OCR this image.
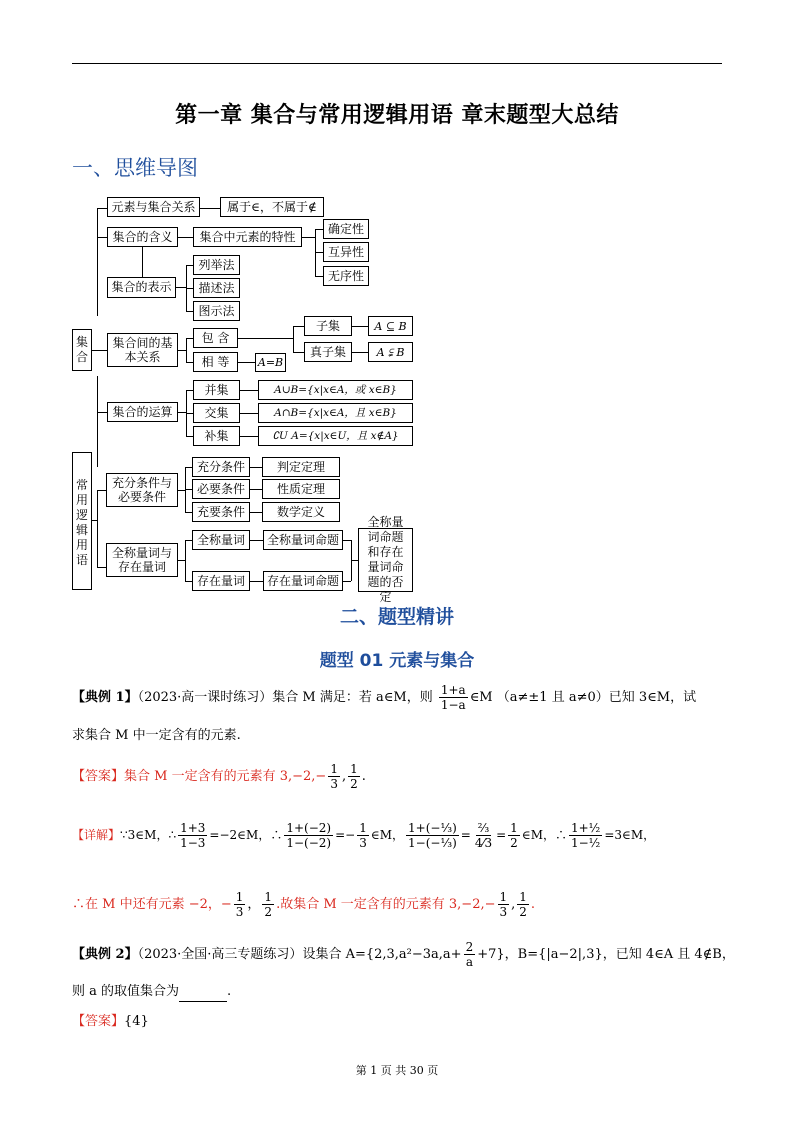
第一章 集合与常用逻辑用语 章末题型大总结
一、思维导图
集合
常用逻辑用语
元素与集合关系	属于∈，不属于∉
集合的含义	集合中元素的特性
确定性
互异性
无序性
集合的表示
列举法
描述法
图示法
集合间的基本关系
包 含
相 等	A=B
子集
真子集
A ⊆ B
A ⫋ B
集合的运算
并集
交集
补集
A∪B={x|x∈A，或 x∈B}
A∩B={x|x∈A，且 x∈B}
∁U A={x|x∈U，且 x∉A}
充分条件与必要条件
充分条件
必要条件
充要条件
判定定理
性质定理
数学定义
全称量词与存在量词
全称量词
存在量词
全称量词命题
存在量词命题
全称量词命题和存在量词命题的否定
二、题型精讲
题型 01 元素与集合
【典例 1】（2023·高一课时练习）集合 M 满足：若 a∈M，则 $\frac{1+a}{1-a}$ ∈M （a≠±1 且 a≠0）已知 3∈M，试
求集合 M 中一定含有的元素.
【答案】集合 M 一定含有的元素有 $3,-2,- \frac{1}{3}$ , $\frac{1}{2}$ .
【详解】 ∵3∈M，∴ $\frac{1+3}{1-3}$ =−2∈M，∴ $\frac{1+(-2)}{1-(-2)} =- \frac{1}{3}$ ∈M， $\frac{\text{1+(−⅓)}}{\text{1−(−⅓)}}$ =
⅔
4⁄3
= $\frac{1}{2}$ ∈M，∴ $\frac{\text{1+½}}{\text{1−½}}$ =3∈M，
∴在 M 中还有元素 −2，− $\frac{1}{3}$ ， $\frac{1}{2}$ .故集合 M 一定含有的元素有 $3,-2,- \frac{1}{3}$ , $\frac{1}{2}$ .
【典例 2】（2023·全国·高三专题练习）设集合 $A=\{2,3,a^2-3a,a+ \frac{2}{a} +7\}$，B={|a−2|,3}，已知 4∈A 且 4∉B，
则 a 的取值集合为	.
【答案】{4}
第 1 页 共 30 页
